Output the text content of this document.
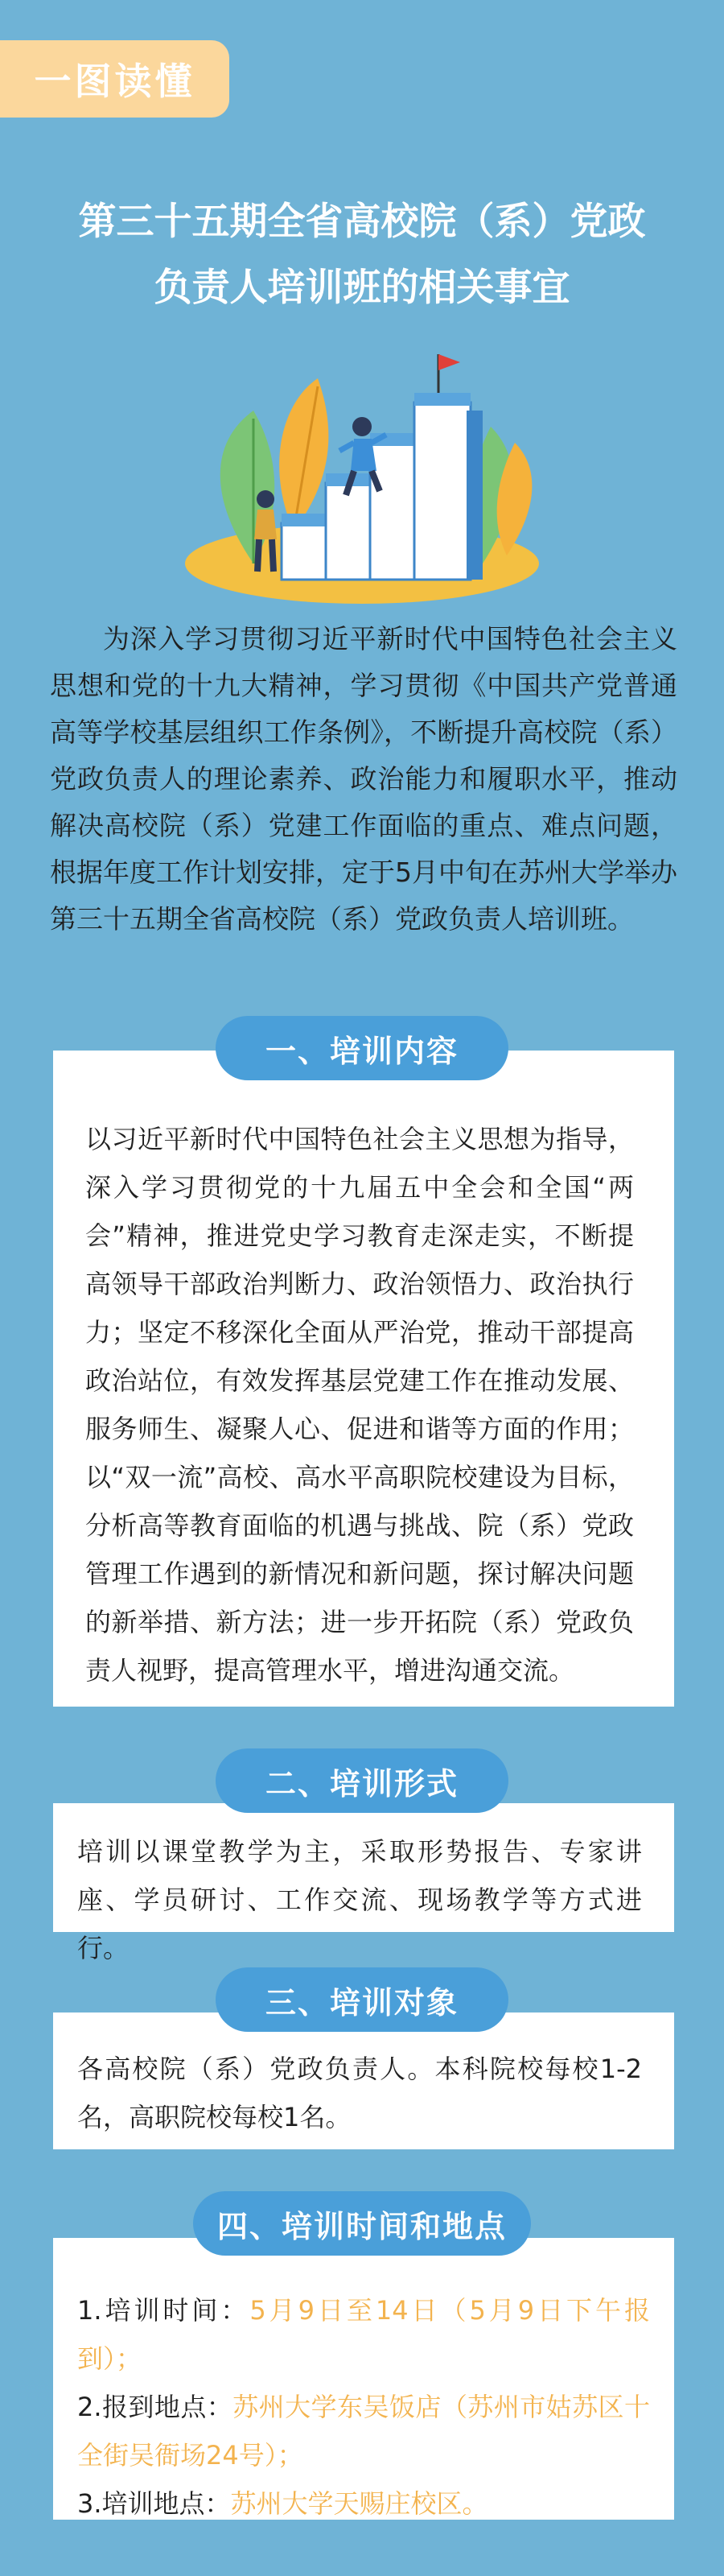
一图读懂
第三十五期全省高校院（系）党政
负责人培训班的相关事宜
为深入学习贯彻习近平新时代中国特色社会主义思想和党的十九大精神，学习贯彻《中国共产党普通高等学校基层组织工作条例》，不断提升高校院（系）党政负责人的理论素养、政治能力和履职水平，推动解决高校院（系）党建工作面临的重点、难点问题，根据年度工作计划安排，定于5月中旬在苏州大学举办第三十五期全省高校院（系）党政负责人培训班。
以习近平新时代中国特色社会主义思想为指导，深入学习贯彻党的十九届五中全会和全国“两会”精神，推进党史学习教育走深走实，不断提高领导干部政治判断力、政治领悟力、政治执行力；坚定不移深化全面从严治党，推动干部提高政治站位，有效发挥基层党建工作在推动发展、服务师生、凝聚人心、促进和谐等方面的作用；以“双一流”高校、高水平高职院校建设为目标，分析高等教育面临的机遇与挑战、院（系）党政管理工作遇到的新情况和新问题，探讨解决问题的新举措、新方法；进一步开拓院（系）党政负责人视野，提高管理水平，增进沟通交流。
一、培训内容
培训以课堂教学为主，采取形势报告、专家讲座、学员研讨、工作交流、现场教学等方式进行。
二、培训形式
各高校院（系）党政负责人。本科院校每校1-2名，高职院校每校1名。
三、培训对象
1.培训时间：5月9日至14日（5月9日下午报到）；
2.报到地点：苏州大学东吴饭店（苏州市姑苏区十全街吴衙场24号）；
3.培训地点：苏州大学天赐庄校区。
四、培训时间和地点
